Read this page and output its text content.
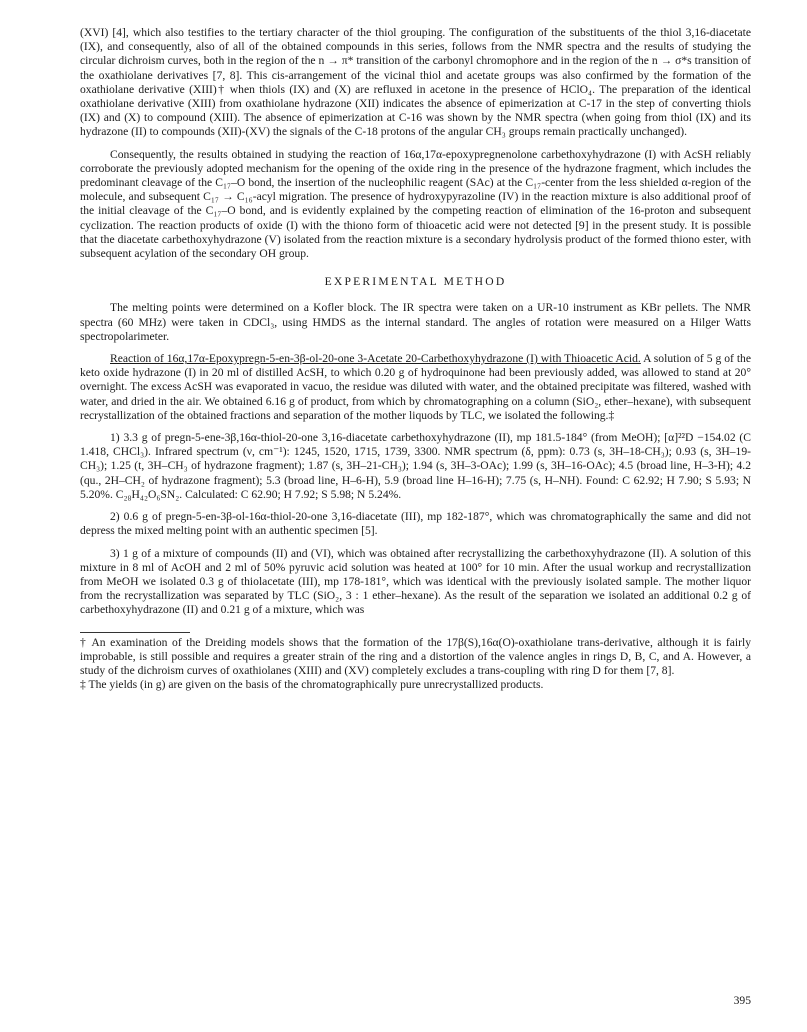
(XVI) [4], which also testifies to the tertiary character of the thiol grouping. The configuration of the substituents of the thiol 3,16-diacetate (IX), and consequently, also of all of the obtained compounds in this series, follows from the NMR spectra and the results of studying the circular dichroism curves, both in the region of the n → π* transition of the carbonyl chromophore and in the region of the n → σ*s transition of the oxathiolane derivatives [7, 8]. This cis-arrangement of the vicinal thiol and acetate groups was also confirmed by the formation of the oxathiolane derivative (XIII)† when thiols (IX) and (X) are refluxed in acetone in the presence of HClO₄. The preparation of the identical oxathiolane derivative (XIII) from oxathiolane hydrazone (XII) indicates the absence of epimerization at C-17 in the step of converting thiols (IX) and (X) to compound (XIII). The absence of epimerization at C-16 was shown by the NMR spectra (when going from thiol (IX) and its hydrazone (II) to compounds (XII)-(XV) the signals of the C-18 protons of the angular CH₃ groups remain practically unchanged).

Consequently, the results obtained in studying the reaction of 16α,17α-epoxypregnenolone carbethoxyhydrazone (I) with AcSH reliably corroborate the previously adopted mechanism for the opening of the oxide ring in the presence of the hydrazone fragment, which includes the predominant cleavage of the C₁₇–O bond, the insertion of the nucleophilic reagent (SAc) at the C₁₇-center from the less shielded α-region of the molecule, and subsequent C₁₇ → C₁₆-acyl migration. The presence of hydroxypyrazoline (IV) in the reaction mixture is also additional proof of the initial cleavage of the C₁₇–O bond, and is evidently explained by the competing reaction of elimination of the 16-proton and subsequent cyclization. The reaction products of oxide (I) with the thiono form of thioacetic acid were not detected [9] in the present study. It is possible that the diacetate carbethoxyhydrazone (V) isolated from the reaction mixture is a secondary hydrolysis product of the formed thiono ester, with subsequent acylation of the secondary OH group.

EXPERIMENTAL METHOD

The melting points were determined on a Kofler block. The IR spectra were taken on a UR-10 instrument as KBr pellets. The NMR spectra (60 MHz) were taken in CDCl₃, using HMDS as the internal standard. The angles of rotation were measured on a Hilger Watts spectropolarimeter.

Reaction of 16α,17α-Epoxypregn-5-en-3β-ol-20-one 3-Acetate 20-Carbethoxyhydrazone (I) with Thioacetic Acid. A solution of 5 g of the keto oxide hydrazone (I) in 20 ml of distilled AcSH, to which 0.20 g of hydroquinone had been previously added, was allowed to stand at 20° overnight. The excess AcSH was evaporated in vacuo, the residue was diluted with water, and the obtained precipitate was filtered, washed with water, and dried in the air. We obtained 6.16 g of product, from which by chromatographing on a column (SiO₂, ether–hexane), with subsequent recrystallization of the obtained fractions and separation of the mother liquods by TLC, we isolated the following.‡

1) 3.3 g of pregn-5-ene-3β,16α-thiol-20-one 3,16-diacetate carbethoxyhydrazone (II), mp 181.5-184° (from MeOH); [α]²²D −154.02 (C 1.418, CHCl₃). Infrared spectrum (ν, cm⁻¹): 1245, 1520, 1715, 1739, 3300. NMR spectrum (δ, ppm): 0.73 (s, 3H–18-CH₃); 0.93 (s, 3H–19-CH₃); 1.25 (t, 3H–CH₃ of hydrazone fragment); 1.87 (s, 3H–21-CH₃); 1.94 (s, 3H–3-OAc); 1.99 (s, 3H–16-OAc); 4.5 (broad line, H–3-H); 4.2 (qu., 2H–CH₂ of hydrazone fragment); 5.3 (broad line, H–6-H), 5.9 (broad line H–16-H); 7.75 (s, H–NH). Found: C 62.92; H 7.90; S 5.93; N 5.20%. C₂₈H₄₂O₆SN₂. Calculated: C 62.90; H 7.92; S 5.98; N 5.24%.

2) 0.6 g of pregn-5-en-3β-ol-16α-thiol-20-one 3,16-diacetate (III), mp 182-187°, which was chromatographically the same and did not depress the mixed melting point with an authentic specimen [5].

3) 1 g of a mixture of compounds (II) and (VI), which was obtained after recrystallizing the carbethoxyhydrazone (II). A solution of this mixture in 8 ml of AcOH and 2 ml of 50% pyruvic acid solution was heated at 100° for 10 min. After the usual workup and recrystallization from MeOH we isolated 0.3 g of thiolacetate (III), mp 178-181°, which was identical with the previously isolated sample. The mother liquor from the recrystallization was separated by TLC (SiO₂, 3 : 1 ether–hexane). As the result of the separation we isolated an additional 0.2 g of carbethoxyhydrazone (II) and 0.21 g of a mixture, which was

† An examination of the Dreiding models shows that the formation of the 17β(S),16α(O)-oxathiolane trans-derivative, although it is fairly improbable, is still possible and requires a greater strain of the ring and a distortion of the valence angles in rings D, B, C, and A. However, a study of the dichroism curves of oxathiolanes (XIII) and (XV) completely excludes a trans-coupling with ring D for them [7, 8].

‡ The yields (in g) are given on the basis of the chromatographically pure unrecrystallized products.

395
